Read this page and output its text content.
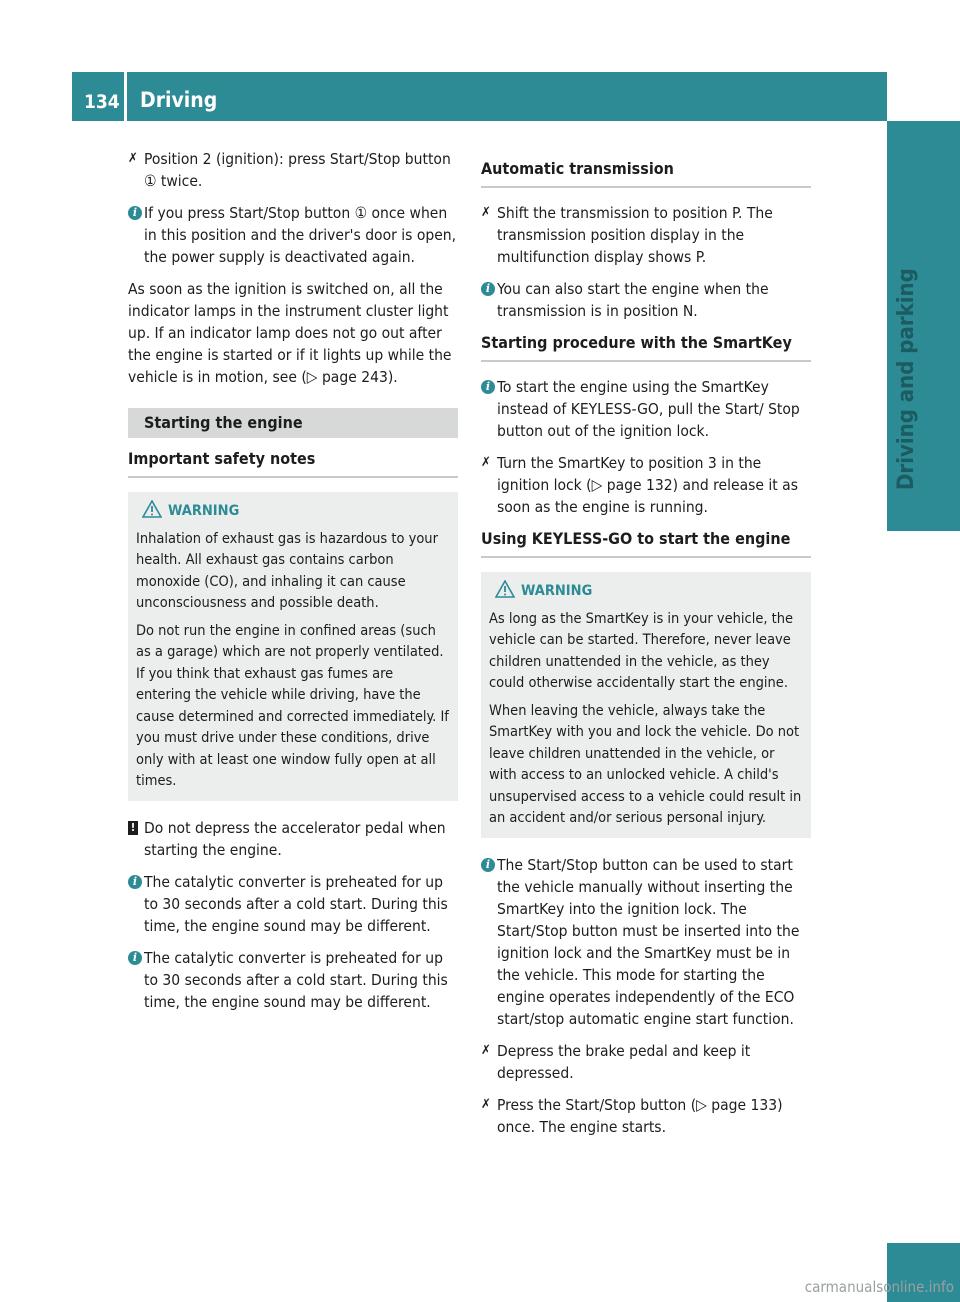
134 Driving
Driving and parking
✗ Position 2 (ignition): press Start/Stop button ① twice.
i If you press Start/Stop button ① once when in this position and the driver's door is open, the power supply is deactivated again.
As soon as the ignition is switched on, all the indicator lamps in the instrument cluster light up. If an indicator lamp does not go out after the engine is started or if it lights up while the vehicle is in motion, see (▷ page 243).
Starting the engine
Important safety notes
WARNING
Inhalation of exhaust gas is hazardous to your health. All exhaust gas contains carbon monoxide (CO), and inhaling it can cause unconsciousness and possible death.
Do not run the engine in confined areas (such as a garage) which are not properly ventilated. If you think that exhaust gas fumes are entering the vehicle while driving, have the cause determined and corrected immediately. If you must drive under these conditions, drive only with at least one window fully open at all times.
! Do not depress the accelerator pedal when starting the engine.
i The catalytic converter is preheated for up to 30 seconds after a cold start. During this time, the engine sound may be different.
i The catalytic converter is preheated for up to 30 seconds after a cold start. During this time, the engine sound may be different.
Automatic transmission
✗ Shift the transmission to position P. The transmission position display in the multifunction display shows P.
i You can also start the engine when the transmission is in position N.
Starting procedure with the SmartKey
i To start the engine using the SmartKey instead of KEYLESS-GO, pull the Start/ Stop button out of the ignition lock.
✗ Turn the SmartKey to position 3 in the ignition lock (▷ page 132) and release it as soon as the engine is running.
Using KEYLESS-GO to start the engine
WARNING
As long as the SmartKey is in your vehicle, the vehicle can be started. Therefore, never leave children unattended in the vehicle, as they could otherwise accidentally start the engine.
When leaving the vehicle, always take the SmartKey with you and lock the vehicle. Do not leave children unattended in the vehicle, or with access to an unlocked vehicle. A child's unsupervised access to a vehicle could result in an accident and/or serious personal injury.
i The Start/Stop button can be used to start the vehicle manually without inserting the SmartKey into the ignition lock. The Start/Stop button must be inserted into the ignition lock and the SmartKey must be in the vehicle. This mode for starting the engine operates independently of the ECO start/stop automatic engine start function.
✗ Depress the brake pedal and keep it depressed.
✗ Press the Start/Stop button (▷ page 133) once. The engine starts.
carmanualsonline.info
